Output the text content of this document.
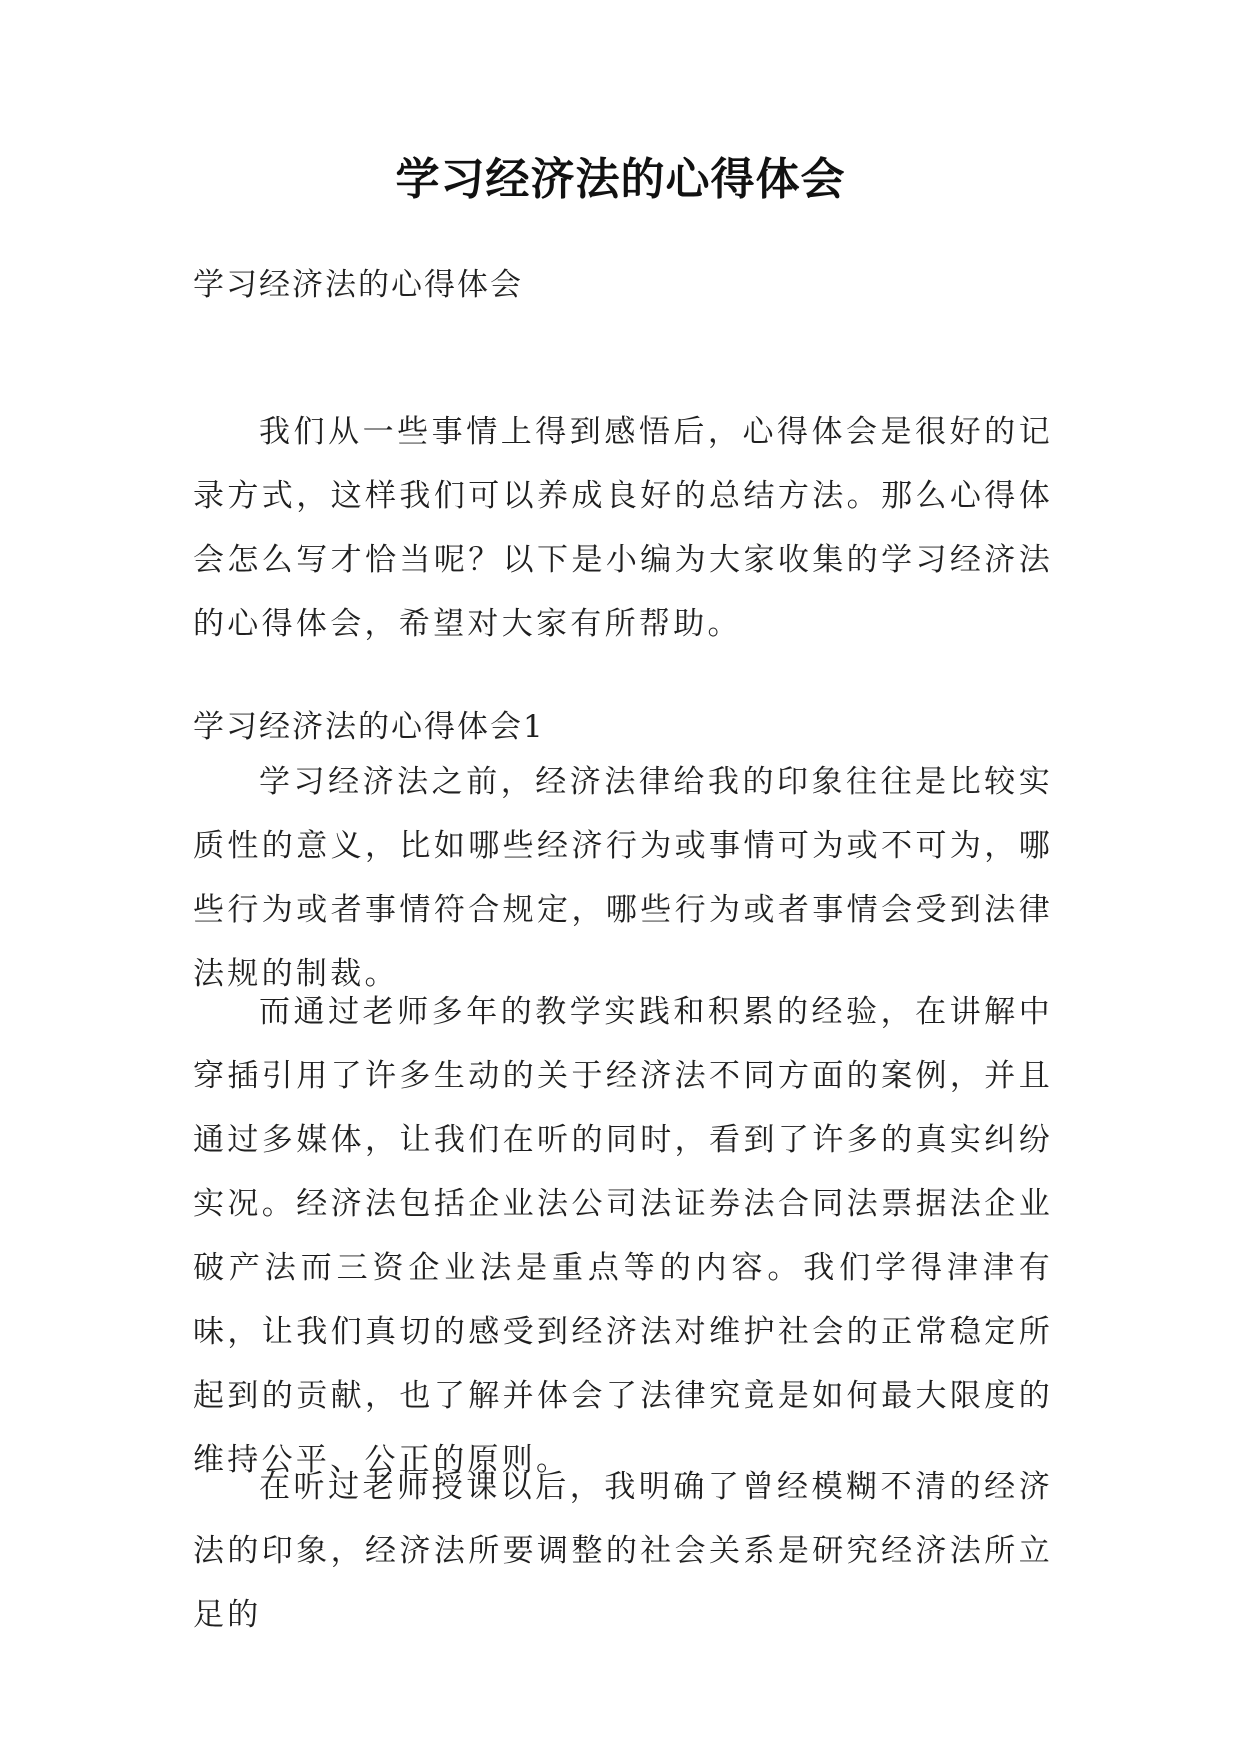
学习经济法的心得体会

学习经济法的心得体会

我们从一些事情上得到感悟后，心得体会是很好的记录方式，这样我们可以养成良好的总结方法。那么心得体会怎么写才恰当呢？以下是小编为大家收集的学习经济法的心得体会，希望对大家有所帮助。

学习经济法的心得体会1

学习经济法之前，经济法律给我的印象往往是比较实质性的意义，比如哪些经济行为或事情可为或不可为，哪些行为或者事情符合规定，哪些行为或者事情会受到法律法规的制裁。

而通过老师多年的教学实践和积累的经验，在讲解中穿插引用了许多生动的关于经济法不同方面的案例，并且通过多媒体，让我们在听的同时，看到了许多的真实纠纷实况。经济法包括企业法公司法证券法合同法票据法企业破产法而三资企业法是重点等的内容。我们学得津津有味，让我们真切的感受到经济法对维护社会的正常稳定所起到的贡献，也了解并体会了法律究竟是如何最大限度的维持公平、公正的原则。

在听过老师授课以后，我明确了曾经模糊不清的经济法的印象，经济法所要调整的社会关系是研究经济法所立足的
